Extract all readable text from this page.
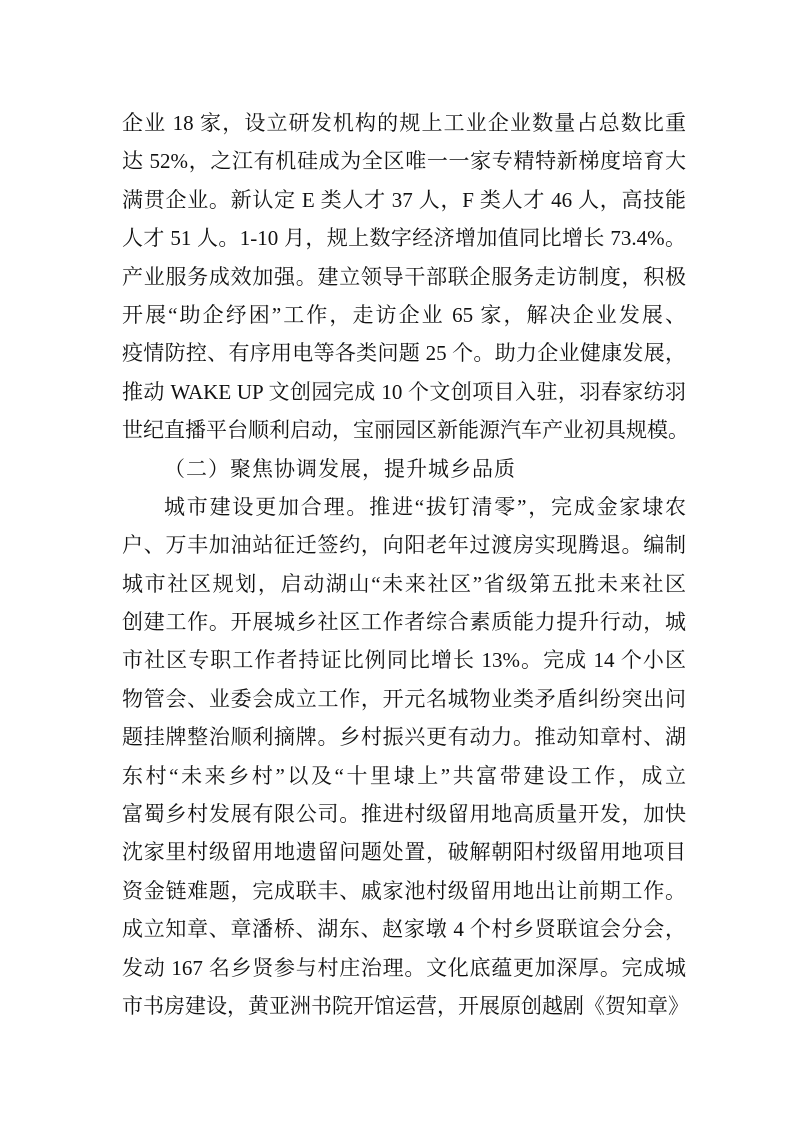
企业 18 家，设立研发机构的规上工业企业数量占总数比重
达 52%，之江有机硅成为全区唯一一家专精特新梯度培育大
满贯企业。新认定 E 类人才 37 人，F 类人才 46 人，高技能
人才 51 人。1-10 月，规上数字经济增加值同比增长 73.4%。
产业服务成效加强。建立领导干部联企服务走访制度，积极
开展“助企纾困”工作，走访企业 65 家，解决企业发展、
疫情防控、有序用电等各类问题 25 个。助力企业健康发展，
推动 WAKE UP 文创园完成 10 个文创项目入驻，羽春家纺羽
世纪直播平台顺利启动，宝丽园区新能源汽车产业初具规模。
（二）聚焦协调发展，提升城乡品质
城市建设更加合理。推进“拔钉清零”，完成金家埭农
户、万丰加油站征迁签约，向阳老年过渡房实现腾退。编制
城市社区规划，启动湖山“未来社区”省级第五批未来社区
创建工作。开展城乡社区工作者综合素质能力提升行动，城
市社区专职工作者持证比例同比增长 13%。完成 14 个小区
物管会、业委会成立工作，开元名城物业类矛盾纠纷突出问
题挂牌整治顺利摘牌。乡村振兴更有动力。推动知章村、湖
东村“未来乡村”以及“十里埭上”共富带建设工作，成立
富蜀乡村发展有限公司。推进村级留用地高质量开发，加快
沈家里村级留用地遗留问题处置，破解朝阳村级留用地项目
资金链难题，完成联丰、戚家池村级留用地出让前期工作。
成立知章、章潘桥、湖东、赵家墩 4 个村乡贤联谊会分会，
发动 167 名乡贤参与村庄治理。文化底蕴更加深厚。完成城
市书房建设，黄亚洲书院开馆运营，开展原创越剧《贺知章》
